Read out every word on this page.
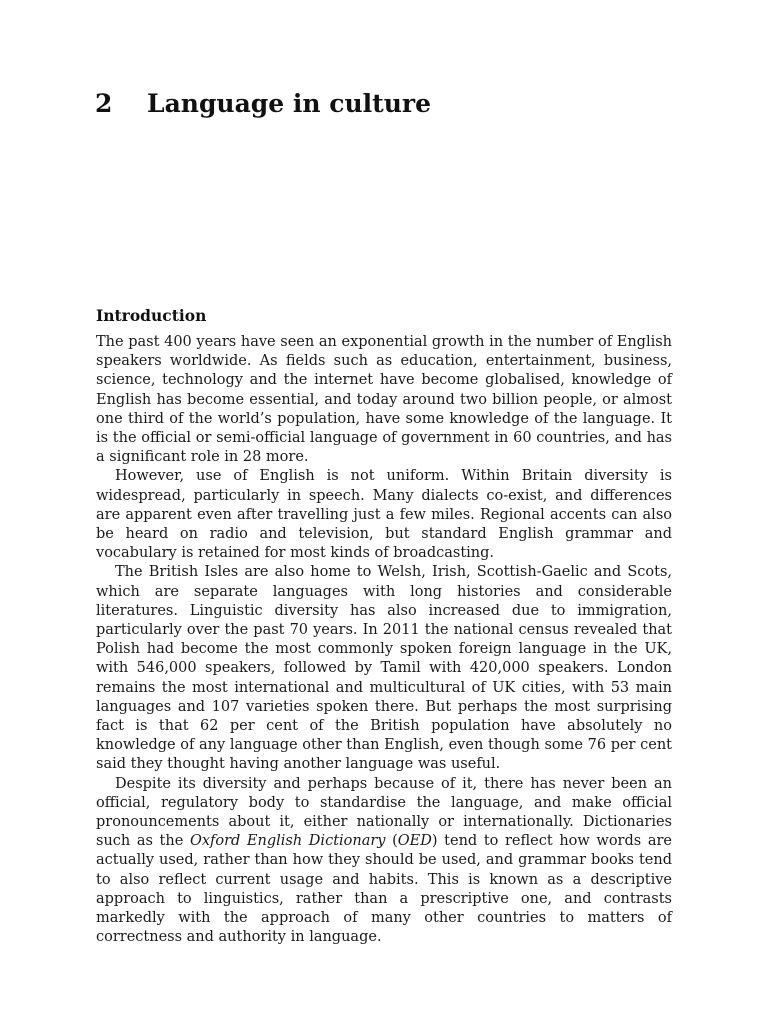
2 Language in culture
Introduction

The past 400 years have seen an exponential growth in the number of English speakers worldwide. As fields such as education, entertainment, business, science, technology and the internet have become globalised, knowledge of English has become essential, and today around two billion people, or almost one third of the world’s population, have some knowledge of the language. It is the official or semi-official language of government in 60 countries, and has a significant role in 28 more.

However, use of English is not uniform. Within Britain diversity is widespread, particularly in speech. Many dialects co-exist, and differences are apparent even after travelling just a few miles. Regional accents can also be heard on radio and television, but standard English grammar and vocabulary is retained for most kinds of broadcasting.

The British Isles are also home to Welsh, Irish, Scottish-Gaelic and Scots, which are separate languages with long histories and considerable literatures. Linguistic diversity has also increased due to immigration, particularly over the past 70 years. In 2011 the national census revealed that Polish had become the most commonly spoken foreign language in the UK, with 546,000 speakers, followed by Tamil with 420,000 speakers. London remains the most international and multicultural of UK cities, with 53 main languages and 107 varieties spoken there. But perhaps the most surprising fact is that 62 per cent of the British population have absolutely no knowledge of any language other than English, even though some 76 per cent said they thought having another language was useful.

Despite its diversity and perhaps because of it, there has never been an official, regulatory body to standardise the language, and make official pronouncements about it, either nationally or internationally. Dictionaries such as the Oxford English Dictionary (OED) tend to reflect how words are actually used, rather than how they should be used, and grammar books tend to also reflect current usage and habits. This is known as a descriptive approach to linguistics, rather than a prescriptive one, and contrasts markedly with the approach of many other countries to matters of correctness and authority in language.
